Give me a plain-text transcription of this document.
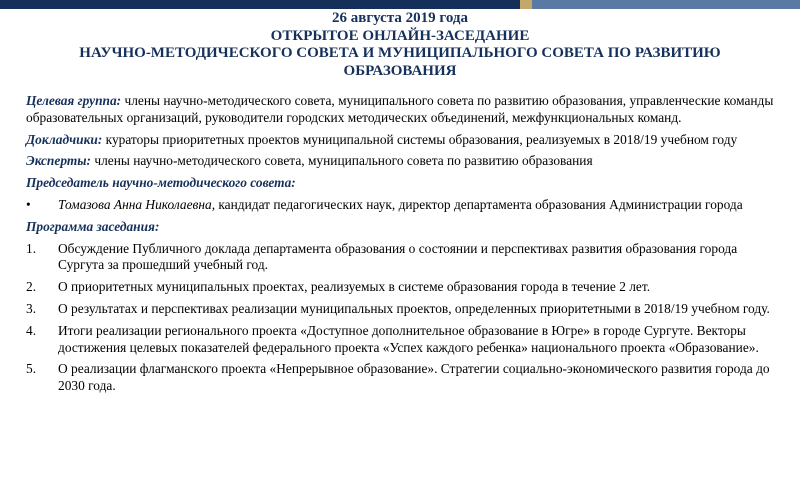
26 августа 2019 года
ОТКРЫТОЕ ОНЛАЙН-ЗАСЕДАНИЕ
НАУЧНО-МЕТОДИЧЕСКОГО СОВЕТА И МУНИЦИПАЛЬНОГО СОВЕТА ПО РАЗВИТИЮ
ОБРАЗОВАНИЯ

Целевая группа: члены научно-методического совета, муниципального совета по развитию образования, управленческие команды образовательных организаций, руководители городских методических объединений, межфункциональных команд.

Докладчики: кураторы приоритетных проектов муниципальной системы образования, реализуемых в 2018/19 учебном году

Эксперты: члены научно-методического совета, муниципального совета по развитию образования

Председатель научно-методического совета:

•	Томазова Анна Николаевна, кандидат педагогических наук, директор департамента образования Администрации города

Программа заседания:

1.	Обсуждение Публичного доклада департамента образования о состоянии и перспективах развития образования города Сургута за прошедший учебный год.
2.	О приоритетных муниципальных проектах, реализуемых в системе образования города в течение 2 лет.
3.	О результатах и перспективах реализации муниципальных проектов, определенных приоритетными в 2018/19 учебном году.
4.	Итоги реализации регионального проекта «Доступное дополнительное образование в Югре» в городе Сургуте. Векторы достижения целевых показателей федерального проекта «Успех каждого ребенка» национального проекта «Образование».
5.	О реализации флагманского проекта «Непрерывное образование». Стратегии социально-экономического развития города до 2030 года.
